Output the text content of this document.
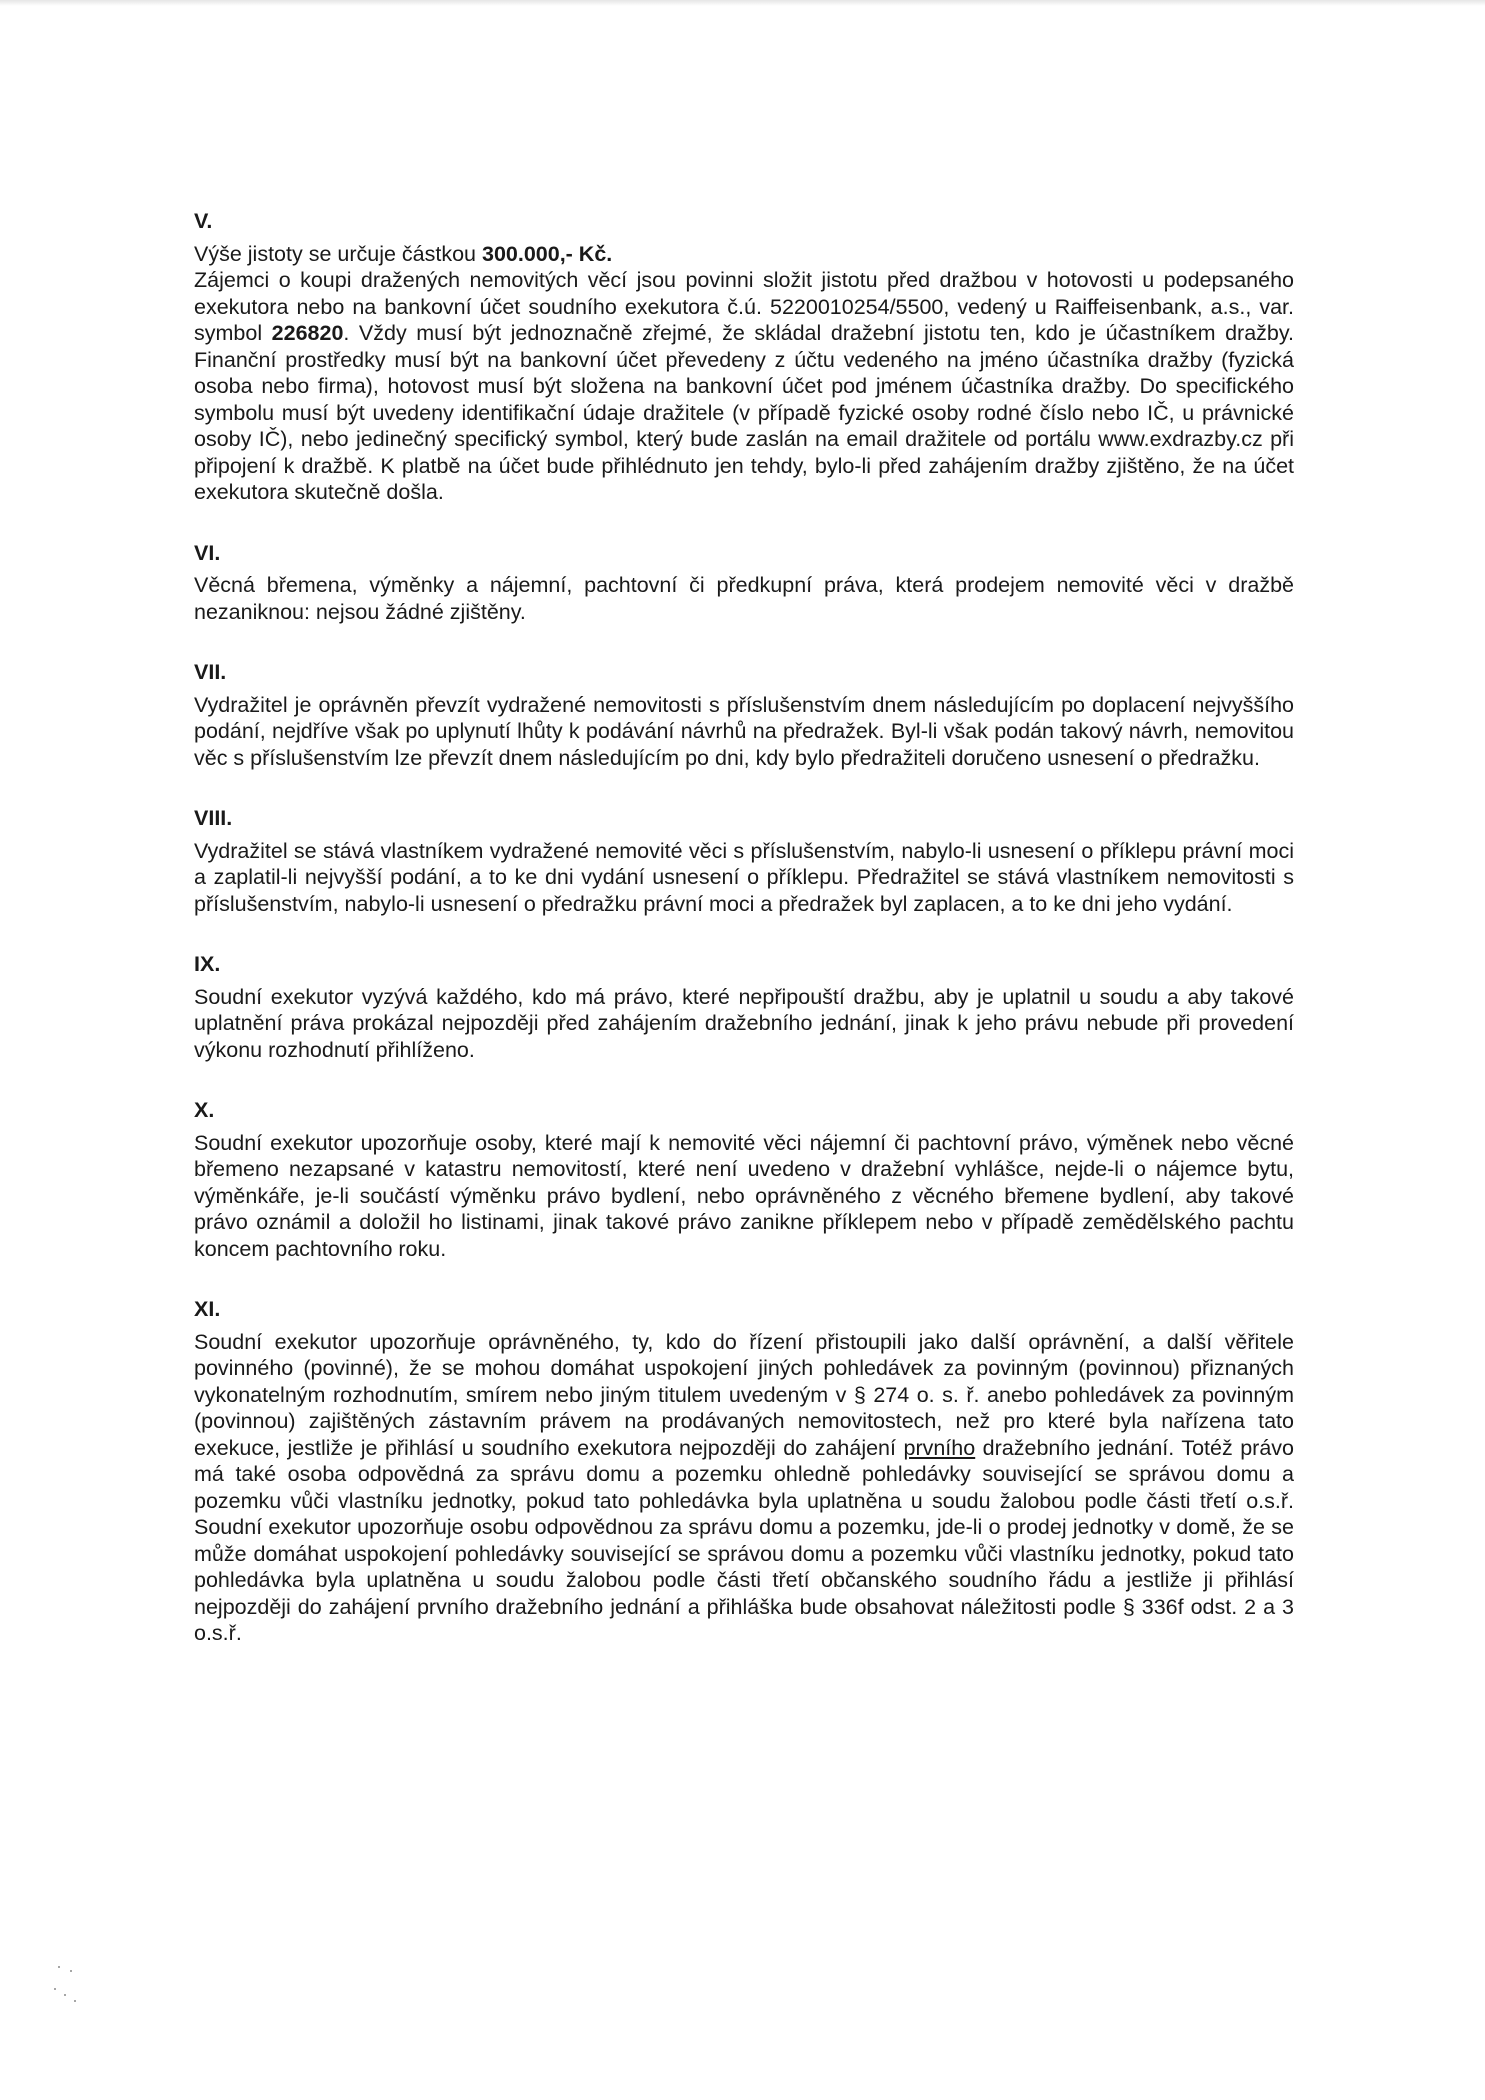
V.

Výše jistoty se určuje částkou 300.000,- Kč.

Zájemci o koupi dražených nemovitých věcí jsou povinni složit jistotu před dražbou v hotovosti u podepsaného exekutora nebo na bankovní účet soudního exekutora č.ú. 5220010254/5500, vedený u Raiffeisenbank, a.s., var. symbol 226820. Vždy musí být jednoznačně zřejmé, že skládal dražební jistotu ten, kdo je účastníkem dražby. Finanční prostředky musí být na bankovní účet převedeny z účtu vedeného na jméno účastníka dražby (fyzická osoba nebo firma), hotovost musí být složena na bankovní účet pod jménem účastníka dražby. Do specifického symbolu musí být uvedeny identifikační údaje dražitele (v případě fyzické osoby rodné číslo nebo IČ, u právnické osoby IČ), nebo jedinečný specifický symbol, který bude zaslán na email dražitele od portálu www.exdrazby.cz při připojení k dražbě. K platbě na účet bude přihlédnuto jen tehdy, bylo-li před zahájením dražby zjištěno, že na účet exekutora skutečně došla.

VI.

Věcná břemena, výměnky a nájemní, pachtovní či předkupní práva, která prodejem nemovité věci v dražbě nezaniknou: nejsou žádné zjištěny.

VII.

Vydražitel je oprávněn převzít vydražené nemovitosti s příslušenstvím dnem následujícím po doplacení nejvyššího podání, nejdříve však po uplynutí lhůty k podávání návrhů na předražek. Byl-li však podán takový návrh, nemovitou věc s příslušenstvím lze převzít dnem následujícím po dni, kdy bylo předražiteli doručeno usnesení o předražku.

VIII.

Vydražitel se stává vlastníkem vydražené nemovité věci s příslušenstvím, nabylo-li usnesení o příklepu právní moci a zaplatil-li nejvyšší podání, a to ke dni vydání usnesení o příklepu. Předražitel se stává vlastníkem nemovitosti s příslušenstvím, nabylo-li usnesení o předražku právní moci a předražek byl zaplacen, a to ke dni jeho vydání.

IX.

Soudní exekutor vyzývá každého, kdo má právo, které nepřipouští dražbu, aby je uplatnil u soudu a aby takové uplatnění práva prokázal nejpozději před zahájením dražebního jednání, jinak k jeho právu nebude při provedení výkonu rozhodnutí přihlíženo.

X.

Soudní exekutor upozorňuje osoby, které mají k nemovité věci nájemní či pachtovní právo, výměnek nebo věcné břemeno nezapsané v katastru nemovitostí, které není uvedeno v dražební vyhlášce, nejde-li o nájemce bytu, výměnkáře, je-li součástí výměnku právo bydlení, nebo oprávněného z věcného břemene bydlení, aby takové právo oznámil a doložil ho listinami, jinak takové právo zanikne příklepem nebo v případě zemědělského pachtu koncem pachtovního roku.

XI.

Soudní exekutor upozorňuje oprávněného, ty, kdo do řízení přistoupili jako další oprávnění, a další věřitele povinného (povinné), že se mohou domáhat uspokojení jiných pohledávek za povinným (povinnou) přiznaných vykonatelným rozhodnutím, smírem nebo jiným titulem uvedeným v § 274 o. s. ř. anebo pohledávek za povinným (povinnou) zajištěných zástavním právem na prodávaných nemovitostech, než pro které byla nařízena tato exekuce, jestliže je přihlásí u soudního exekutora nejpozději do zahájení prvního dražebního jednání. Totéž právo má také osoba odpovědná za správu domu a pozemku ohledně pohledávky související se správou domu a pozemku vůči vlastníku jednotky, pokud tato pohledávka byla uplatněna u soudu žalobou podle části třetí o.s.ř. Soudní exekutor upozorňuje osobu odpovědnou za správu domu a pozemku, jde-li o prodej jednotky v domě, že se může domáhat uspokojení pohledávky související se správou domu a pozemku vůči vlastníku jednotky, pokud tato pohledávka byla uplatněna u soudu žalobou podle části třetí občanského soudního řádu a jestliže ji přihlásí nejpozději do zahájení prvního dražebního jednání a přihláška bude obsahovat náležitosti podle § 336f odst. 2 a 3 o.s.ř.
